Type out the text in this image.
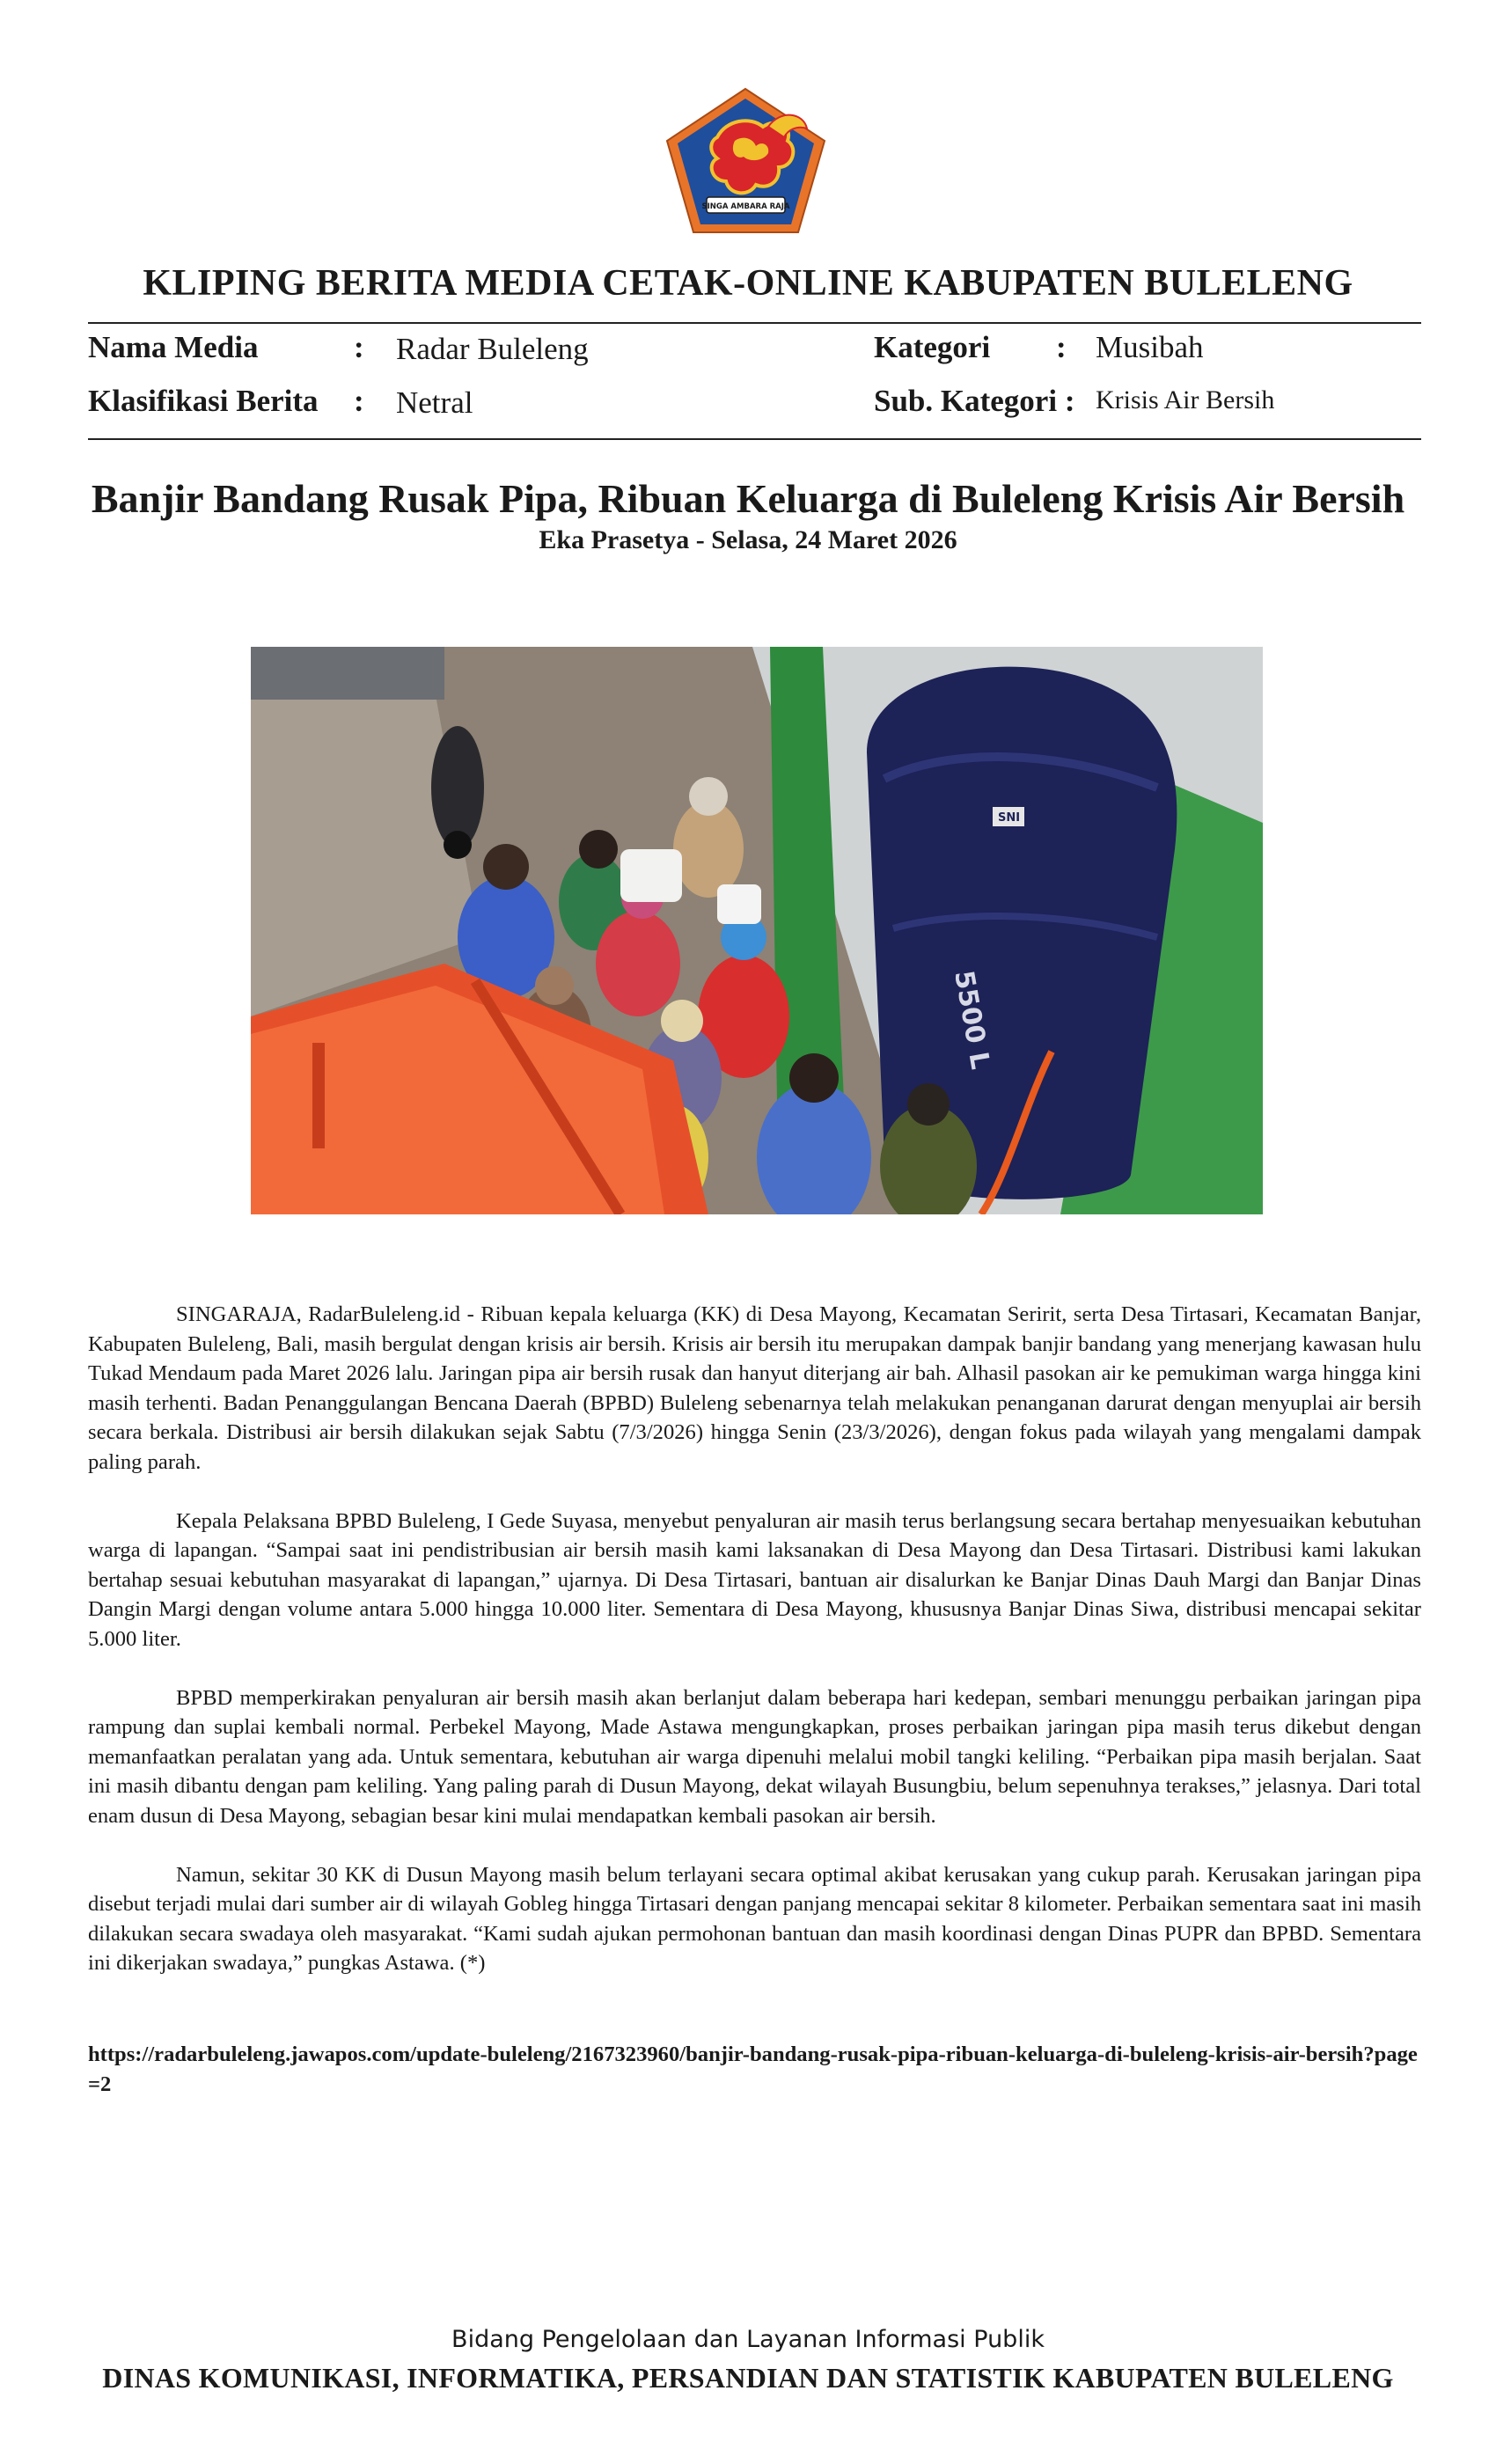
SINGA AMBARA RAJA
KLIPING BERITA MEDIA CETAK-ONLINE KABUPATEN BULELENG
Nama Media	: Radar Buleleng	Kategori : Musibah
Klasifikasi Berita : Netral	Sub. Kategori : Krisis Air Bersih
Banjir Bandang Rusak Pipa, Ribuan Keluarga di Buleleng Krisis Air Bersih
Eka Prasetya - Selasa, 24 Maret 2026
5500 L
SNI

SINGARAJA, RadarBuleleng.id - Ribuan kepala keluarga (KK) di Desa Mayong, Kecamatan Seririt, serta Desa Tirtasari, Kecamatan Banjar, Kabupaten Buleleng, Bali, masih bergulat dengan krisis air bersih. Krisis air bersih itu merupakan dampak banjir bandang yang menerjang kawasan hulu Tukad Mendaum pada Maret 2026 lalu. Jaringan pipa air bersih rusak dan hanyut diterjang air bah. Alhasil pasokan air ke pemukiman warga hingga kini masih terhenti. Badan Penanggulangan Bencana Daerah (BPBD) Buleleng sebenarnya telah melakukan penanganan darurat dengan menyuplai air bersih secara berkala. Distribusi air bersih dilakukan sejak Sabtu (7/3/2026) hingga Senin (23/3/2026), dengan fokus pada wilayah yang mengalami dampak paling parah.

Kepala Pelaksana BPBD Buleleng, I Gede Suyasa, menyebut penyaluran air masih terus berlangsung secara bertahap menyesuaikan kebutuhan warga di lapangan. “Sampai saat ini pendistribusian air bersih masih kami laksanakan di Desa Mayong dan Desa Tirtasari. Distribusi kami lakukan bertahap sesuai kebutuhan masyarakat di lapangan,” ujarnya. Di Desa Tirtasari, bantuan air disalurkan ke Banjar Dinas Dauh Margi dan Banjar Dinas Dangin Margi dengan volume antara 5.000 hingga 10.000 liter. Sementara di Desa Mayong, khususnya Banjar Dinas Siwa, distribusi mencapai sekitar 5.000 liter.

BPBD memperkirakan penyaluran air bersih masih akan berlanjut dalam beberapa hari kedepan, sembari menunggu perbaikan jaringan pipa rampung dan suplai kembali normal. Perbekel Mayong, Made Astawa mengungkapkan, proses perbaikan jaringan pipa masih terus dikebut dengan memanfaatkan peralatan yang ada. Untuk sementara, kebutuhan air warga dipenuhi melalui mobil tangki keliling. “Perbaikan pipa masih berjalan. Saat ini masih dibantu dengan pam keliling. Yang paling parah di Dusun Mayong, dekat wilayah Busungbiu, belum sepenuhnya terakses,” jelasnya. Dari total enam dusun di Desa Mayong, sebagian besar kini mulai mendapatkan kembali pasokan air bersih.

Namun, sekitar 30 KK di Dusun Mayong masih belum terlayani secara optimal akibat kerusakan yang cukup parah. Kerusakan jaringan pipa disebut terjadi mulai dari sumber air di wilayah Gobleg hingga Tirtasari dengan panjang mencapai sekitar 8 kilometer. Perbaikan sementara saat ini masih dilakukan secara swadaya oleh masyarakat. “Kami sudah ajukan permohonan bantuan dan masih koordinasi dengan Dinas PUPR dan BPBD. Sementara ini dikerjakan swadaya,” pungkas Astawa. (*)

https://radarbuleleng.jawapos.com/update-buleleng/2167323960/banjir-bandang-rusak-pipa-ribuan-keluarga-di-buleleng-krisis-air-bersih?page=2
Bidang Pengelolaan dan Layanan Informasi Publik
DINAS KOMUNIKASI, INFORMATIKA, PERSANDIAN DAN STATISTIK KABUPATEN BULELENG
